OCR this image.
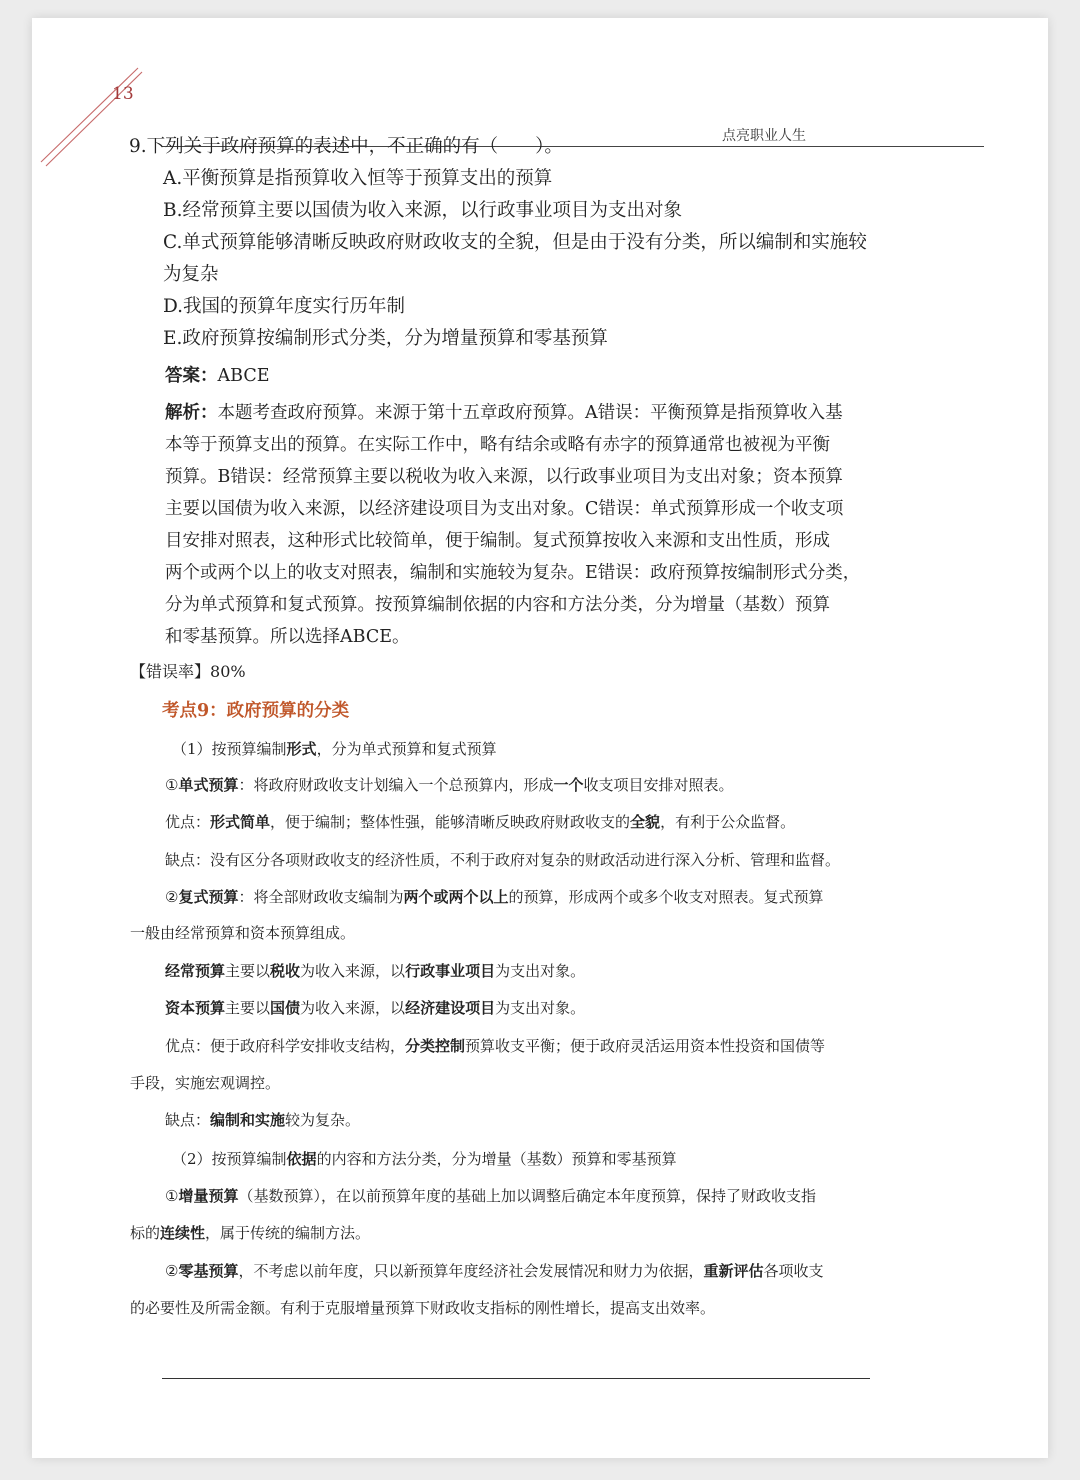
13
点亮职业人生
9.下列关于政府预算的表述中，不正确的有（　　）。
A.平衡预算是指预算收入恒等于预算支出的预算
B.经常预算主要以国债为收入来源，以行政事业项目为支出对象
C.单式预算能够清晰反映政府财政收支的全貌，但是由于没有分类，所以编制和实施较
为复杂
D.我国的预算年度实行历年制
E.政府预算按编制形式分类，分为增量预算和零基预算
答案：ABCE
解析：本题考查政府预算。来源于第十五章政府预算。A错误：平衡预算是指预算收入基
本等于预算支出的预算。在实际工作中，略有结余或略有赤字的预算通常也被视为平衡
预算。B错误：经常预算主要以税收为收入来源，以行政事业项目为支出对象；资本预算
主要以国债为收入来源，以经济建设项目为支出对象。C错误：单式预算形成一个收支项
目安排对照表，这种形式比较简单，便于编制。复式预算按收入来源和支出性质，形成
两个或两个以上的收支对照表，编制和实施较为复杂。E错误：政府预算按编制形式分类，
分为单式预算和复式预算。按预算编制依据的内容和方法分类，分为增量（基数）预算
和零基预算。所以选择ABCE。
【错误率】80%
考点9：政府预算的分类
（1）按预算编制形式，分为单式预算和复式预算
①单式预算：将政府财政收支计划编入一个总预算内，形成一个收支项目安排对照表。
优点：形式简单，便于编制；整体性强，能够清晰反映政府财政收支的全貌，有利于公众监督。
缺点：没有区分各项财政收支的经济性质，不利于政府对复杂的财政活动进行深入分析、管理和监督。
②复式预算：将全部财政收支编制为两个或两个以上的预算，形成两个或多个收支对照表。复式预算
一般由经常预算和资本预算组成。
经常预算主要以税收为收入来源，以行政事业项目为支出对象。
资本预算主要以国债为收入来源，以经济建设项目为支出对象。
优点：便于政府科学安排收支结构，分类控制预算收支平衡；便于政府灵活运用资本性投资和国债等
手段，实施宏观调控。
缺点：编制和实施较为复杂。
（2）按预算编制依据的内容和方法分类，分为增量（基数）预算和零基预算
①增量预算（基数预算），在以前预算年度的基础上加以调整后确定本年度预算，保持了财政收支指
标的连续性，属于传统的编制方法。
②零基预算，不考虑以前年度，只以新预算年度经济社会发展情况和财力为依据，重新评估各项收支
的必要性及所需金额。有利于克服增量预算下财政收支指标的刚性增长，提高支出效率。
